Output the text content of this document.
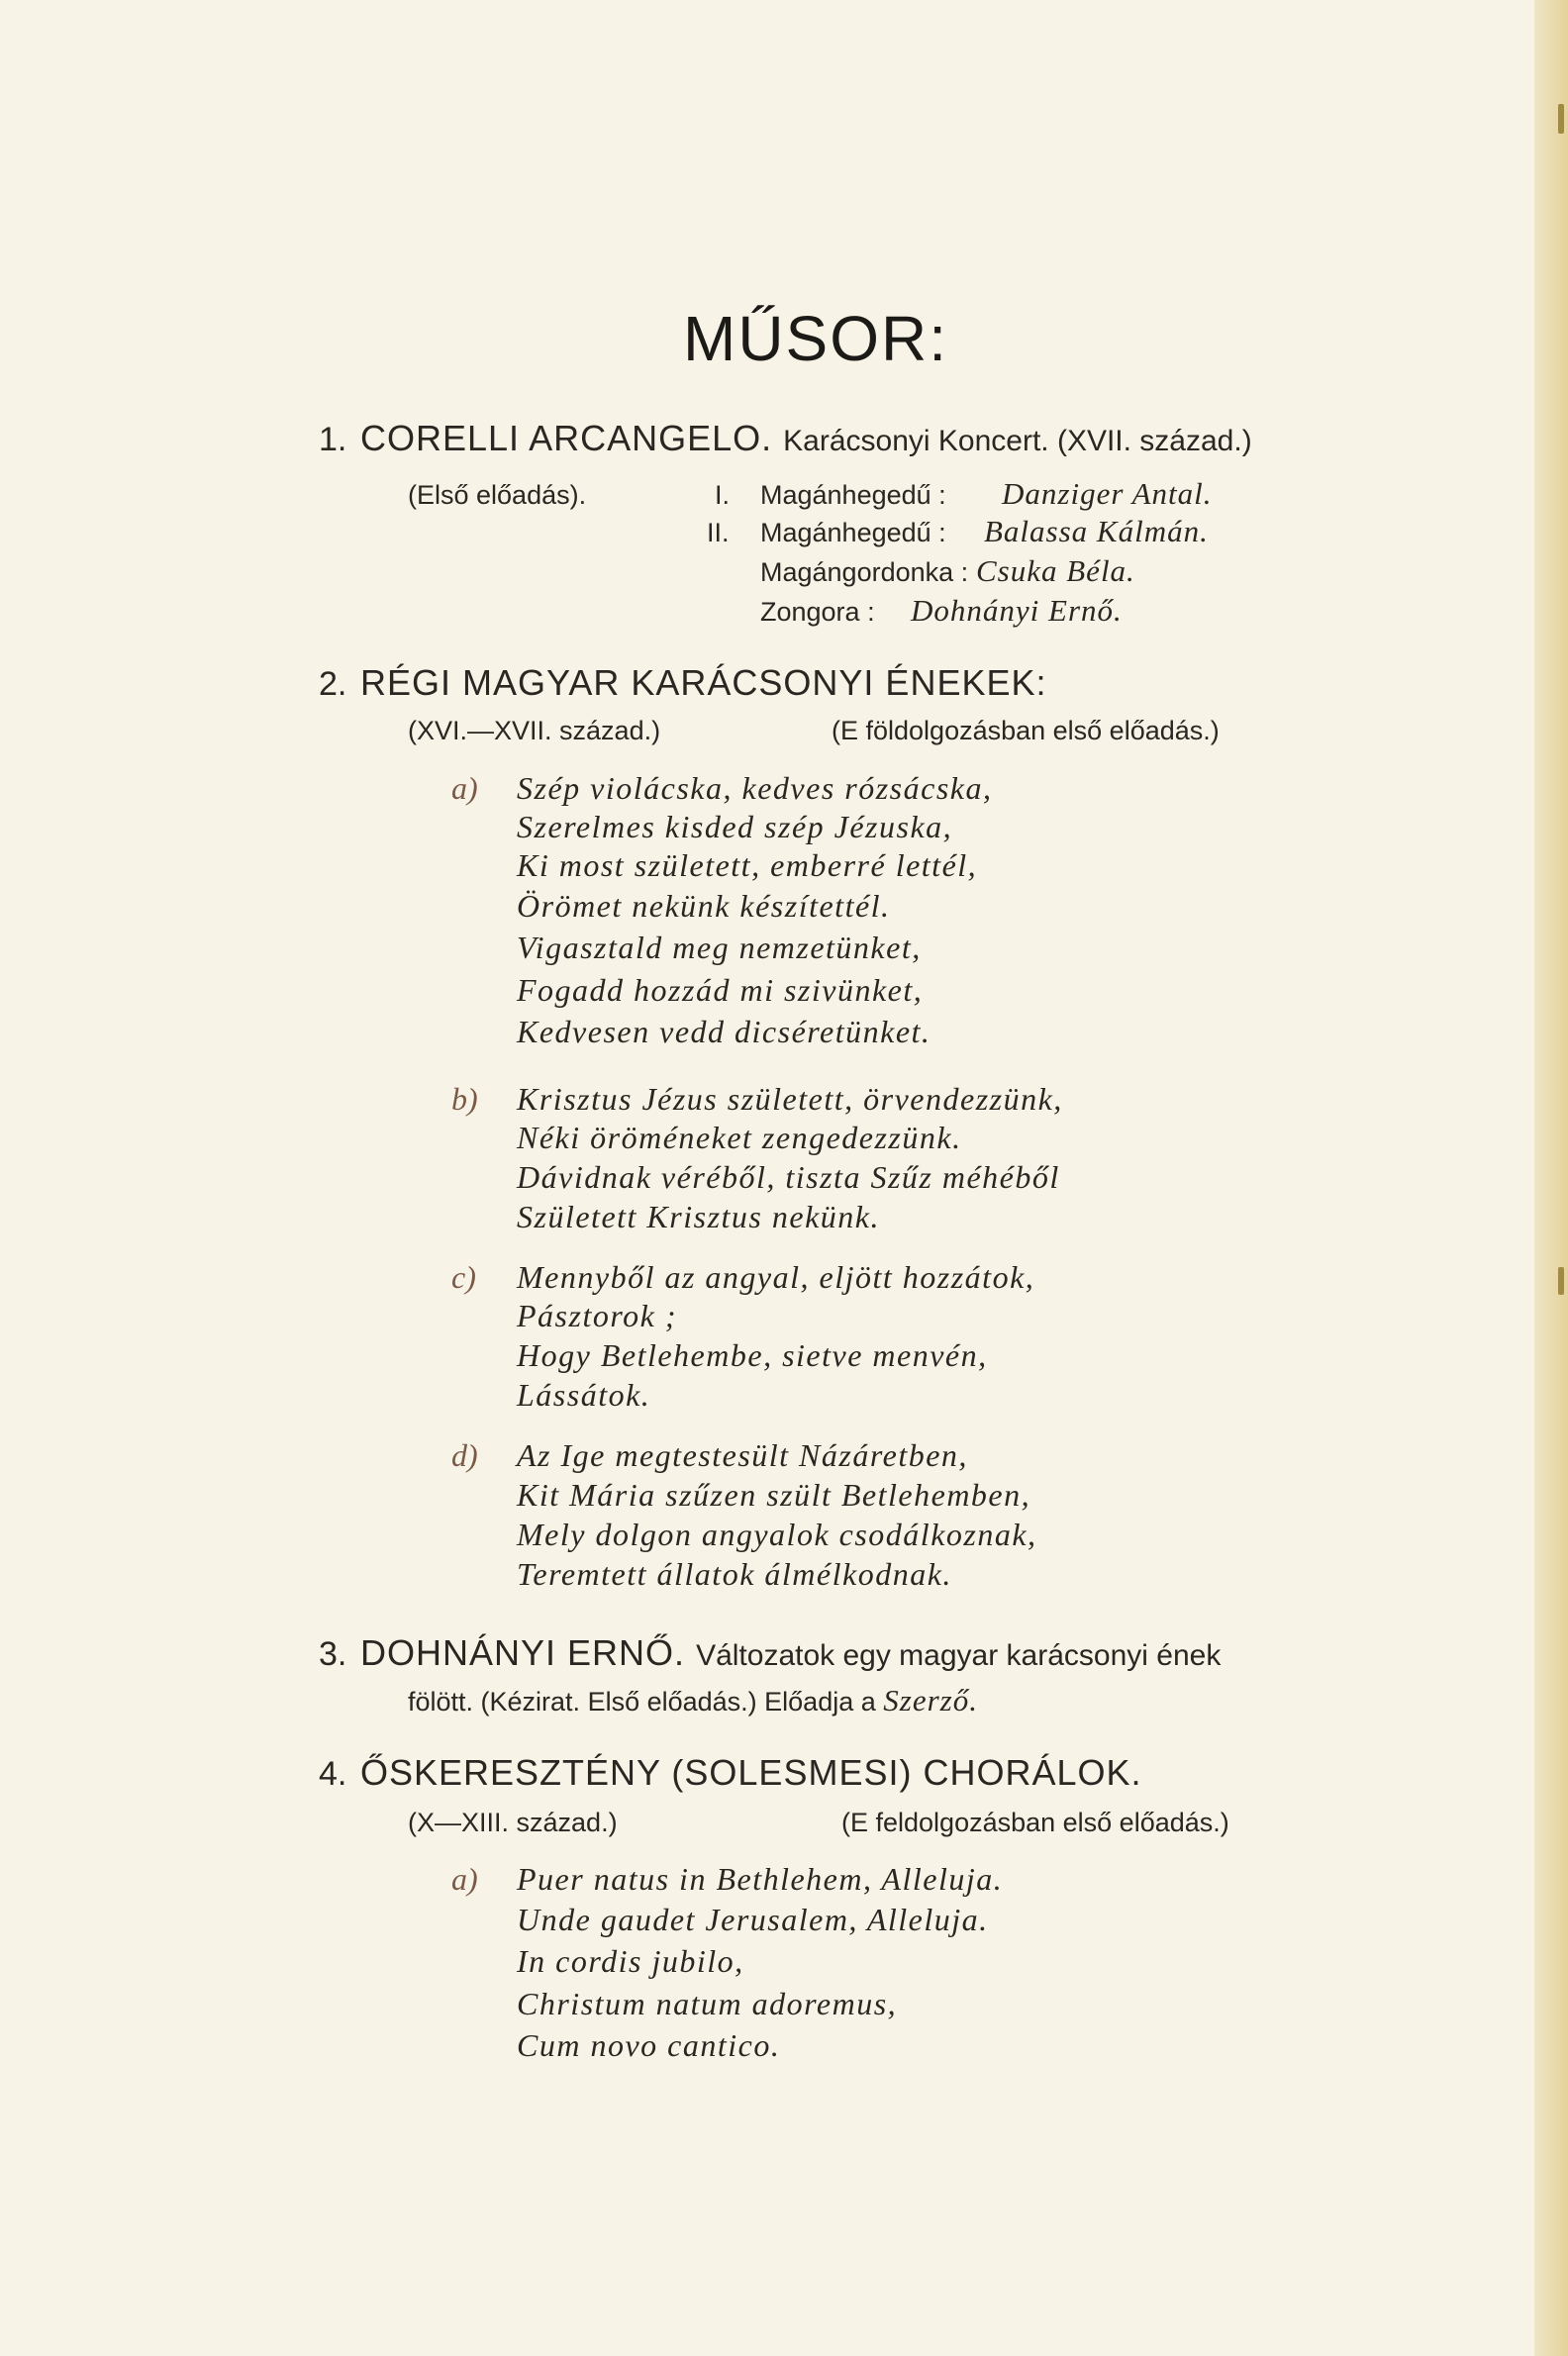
MŰSOR:
1. CORELLI ARCANGELO. Karácsonyi Koncert. (XVII. század.)
(Első előadás).	I. Magánhegedű : Danziger Antal.
II. Magánhegedű : Balassa Kálmán.
Magángordonka : Csuka Béla.
Zongora : Dohnányi Ernő.
2. RÉGI MAGYAR KARÁCSONYI ÉNEKEK:
(XVI.—XVII. század.)	(E földolgozásban első előadás.)
a) Szép violácska, kedves rózsácska,
Szerelmes kisded szép Jézuska,
Ki most született, emberré lettél,
Örömet nekünk készítettél.
Vigasztald meg nemzetünket,
Fogadd hozzád mi szivünket,
Kedvesen vedd dicséretünket.
b) Krisztus Jézus született, örvendezzünk,
Néki öröméneket zengedezzünk.
Dávidnak véréből, tiszta Szűz méhéből
Született Krisztus nekünk.
c) Mennyből az angyal, eljött hozzátok,
Pásztorok ;
Hogy Betlehembe, sietve menvén,
Lássátok.
d) Az Ige megtestesült Názáretben,
Kit Mária szűzen szült Betlehemben,
Mely dolgon angyalok csodálkoznak,
Teremtett állatok álmélkodnak.
3. DOHNÁNYI ERNŐ. Változatok egy magyar karácsonyi ének
fölött. (Kézirat. Első előadás.) Előadja a Szerző.
4. ŐSKERESZTÉNY (SOLESMESI) CHORÁLOK.
(X—XIII. század.)	(E feldolgozásban első előadás.)
a) Puer natus in Bethlehem, Alleluja.
Unde gaudet Jerusalem, Alleluja.
In cordis jubilo,
Christum natum adoremus,
Cum novo cantico.
